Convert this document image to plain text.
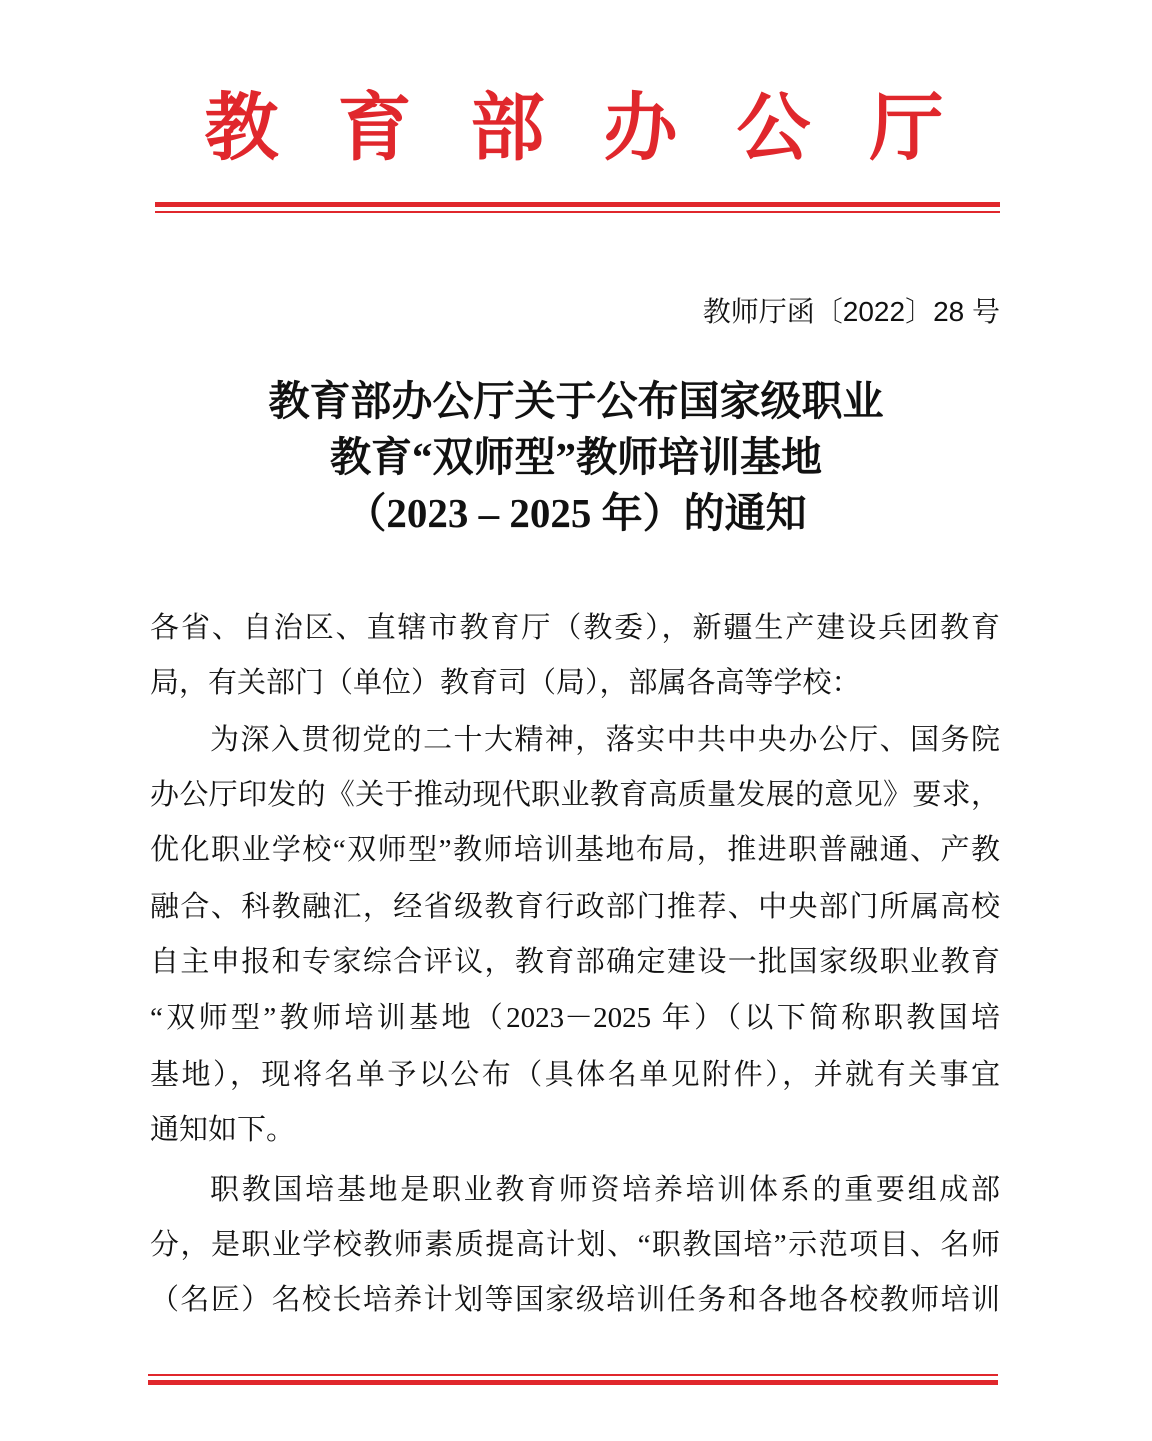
教 育 部 办 公 厅
教师厅函〔2022〕28 号
教育部办公厅关于公布国家级职业
教育“双师型”教师培训基地
（2023 – 2025 年）的通知
各省、自治区、直辖市教育厅（教委），新疆生产建设兵团教育
局，有关部门（单位）教育司（局），部属各高等学校：
为深入贯彻党的二十大精神，落实中共中央办公厅、国务院
办公厅印发的《关于推动现代职业教育高质量发展的意见》要求，
优化职业学校“双师型”教师培训基地布局，推进职普融通、产教
融合、科教融汇，经省级教育行政部门推荐、中央部门所属高校
自主申报和专家综合评议，教育部确定建设一批国家级职业教育
“双师型”教师培训基地（2023－2025 年）（以下简称职教国培
基地），现将名单予以公布（具体名单见附件），并就有关事宜
通知如下。
职教国培基地是职业教育师资培养培训体系的重要组成部
分，是职业学校教师素质提高计划、“职教国培”示范项目、名师
（名匠）名校长培养计划等国家级培训任务和各地各校教师培训
